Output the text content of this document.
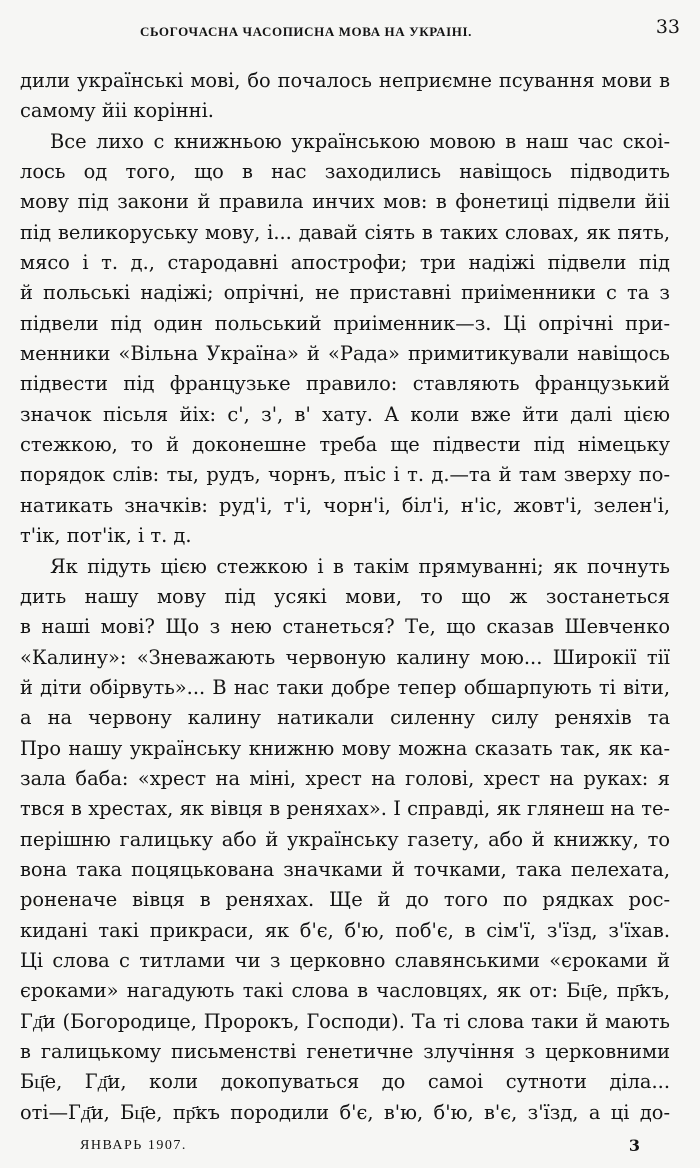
СЬОГОЧАСНА ЧАСОПИСНА МОВА НА УКРАІНІ.	33
дили українські мові, бо почалось неприємне псування мови в
самому йіі корінні.
Все лихо с книжньою українською мовою в наш час скоі-
лось од того, що в нас заходились навіщось підводить
мову під закони й правила инчих мов: в фонетиці підвели йіі
під великоруську мову, і... давай сіять в таких словах, як пять,
мясо і т. д., стародавні апострофи; три надіжі підвели під
й польські надіжі; опрічні, не приставні приіменники с та з
підвели під один польський приіменник—з. Ці опрічні при-
менники «Вільна Україна» й «Рада» примитикували навіщось
підвести під французьке правило: ставляють французький
значок пісьля йіх: с', з', в' хату. А коли вже йти далі цією
стежкою, то й доконешне треба ще підвести під німецьку
порядок слів: ты, рудъ, чорнъ, пъіс і т. д.—та й там зверху по-
натикать значків: руд'і, т'і, чорн'і, біл'і, н'іс, жовт'і, зелен'і,
т'ік, пот'ік, і т. д.
Як підуть цією стежкою і в такім прямуванні; як почнуть
дить нашу мову під усякі мови, то що ж зостанеться
в наші мові? Що з нею станеться? Те, що сказав Шевченко
«Калину»: «Зневажають червоную калину мою... Широкії тії
й діти обірвуть»... В нас таки добре тепер обшарпують ті віти,
а на червону калину натикали силенну силу реняхів та
Про нашу українську книжню мову можна сказать так, як ка-
зала баба: «хрест на міні, хрест на голові, хрест на руках: я
твся в хрестах, як вівця в реняхах». І справді, як глянеш на те-
перішню галицьку або й українську газету, або й книжку, то
вона така поцяцькована значками й точками, така пелехата,
роненаче вівця в реняхах. Ще й до того по рядках рос-
кидані такі прикраси, як б'є, б'ю, поб'є, в сім'ї, з'їзд, з'їхав.
Ці слова с титлами чи з церковно славянськими «єроками й
єроками» нагадують такі слова в часловцях, як от: Бц҃е, пр҃къ,
Гд҃и (Богородице, Пророкъ, Господи). Та ті слова таки й мають
в галицькому письменстві генетичне злучіння з церковними
Бц҃е, Гд҃и, коли докопуваться до самоі сутноти діла...
оті—Гд҃и, Бц҃е, пр҃къ породили б'є, в'ю, б'ю, в'є, з'їзд, а ці до-
ЯНВАРЬ 1907.	3
